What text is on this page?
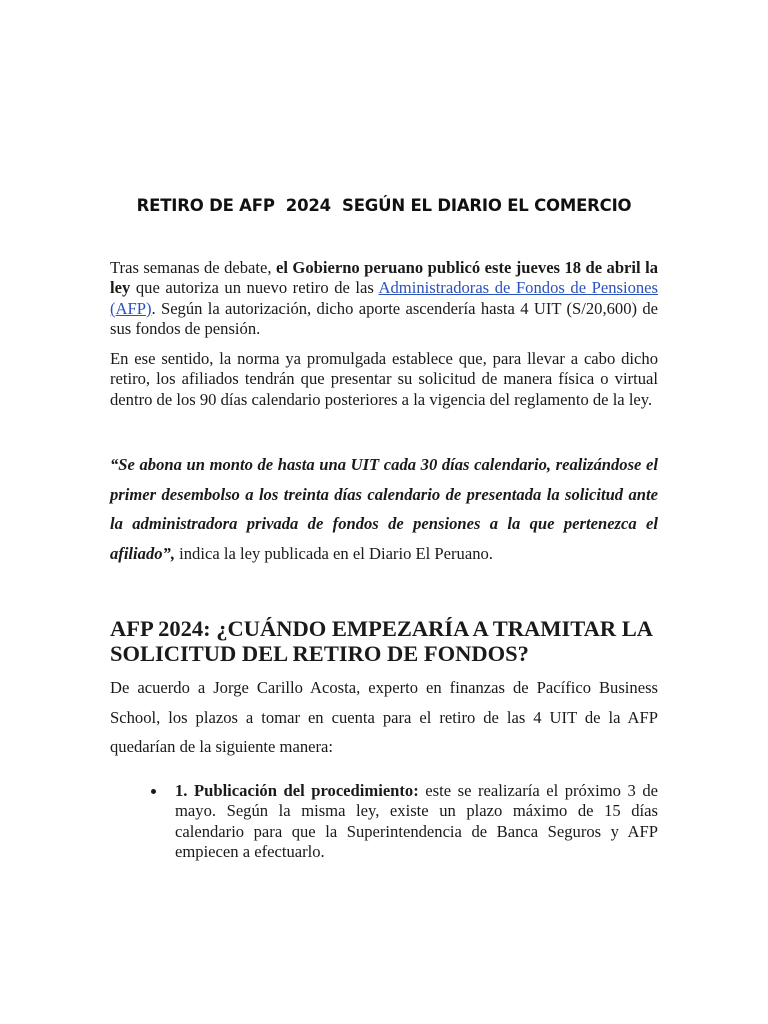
RETIRO DE AFP  2024  SEGÚN EL DIARIO EL COMERCIO

Tras semanas de debate, el Gobierno peruano publicó este jueves 18 de abril la ley que autoriza un nuevo retiro de las Administradoras de Fondos de Pensiones (AFP). Según la autorización, dicho aporte ascendería hasta 4 UIT (S/20,600) de sus fondos de pensión.

En ese sentido, la norma ya promulgada establece que, para llevar a cabo dicho retiro, los afiliados tendrán que presentar su solicitud de manera física o virtual dentro de los 90 días calendario posteriores a la vigencia del reglamento de la ley.

“Se abona un monto de hasta una UIT cada 30 días calendario, realizándose el primer desembolso a los treinta días calendario de presentada la solicitud ante la administradora privada de fondos de pensiones a la que pertenezca el afiliado”, indica la ley publicada en el Diario El Peruano.

AFP 2024: ¿CUÁNDO EMPEZARÍA A TRAMITAR LA SOLICITUD DEL RETIRO DE FONDOS?

De acuerdo a Jorge Carillo Acosta, experto en finanzas de Pacífico Business School, los plazos a tomar en cuenta para el retiro de las 4 UIT de la AFP quedarían de la siguiente manera:

1. Publicación del procedimiento: este se realizaría el próximo 3 de mayo. Según la misma ley, existe un plazo máximo de 15 días calendario para que la Superintendencia de Banca Seguros y AFP empiecen a efectuarlo.
